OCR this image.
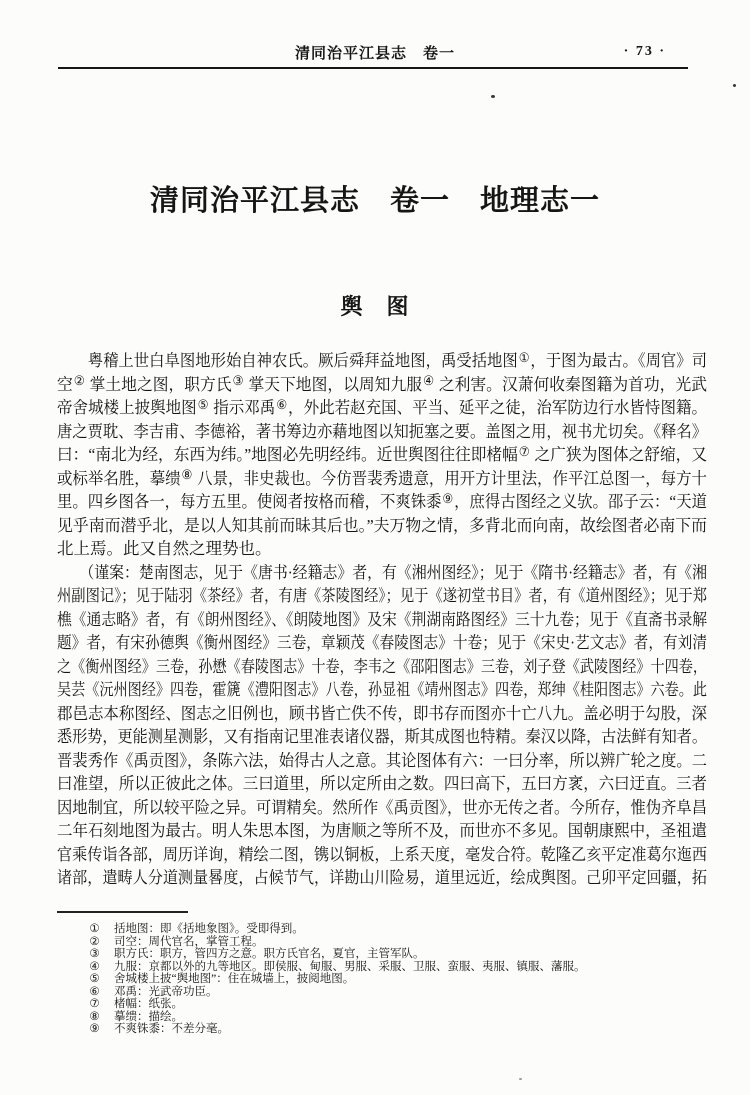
清同治平江县志　卷一	· 73 ·
清同治平江县志　卷一　地理志一
舆　图
　　粤稽上世白阜图地形始自神农氏。厥后舜拜益地图，禹受括地图①，于图为最古。《周官》司
空② 掌土地之图，职方氏③ 掌天下地图，以周知九服④ 之利害。汉萧何收秦图籍为首功，光武
帝舍城楼上披舆地图⑤ 指示邓禹⑥，外此若赵充国、平当、延平之徒，治军防边行水皆恃图籍。
唐之贾耽、李吉甫、李德裕，著书筹边亦藉地图以知扼塞之要。盖图之用，视书尤切矣。《释名》
曰：“南北为经，东西为纬。”地图必先明经纬。近世舆图往往即楮幅⑦ 之广狭为图体之舒缩，又
或标举名胜，摹缋⑧ 八景，非史裁也。今仿晋裴秀遗意，用开方计里法，作平江总图一，每方十
里。四乡图各一，每方五里。使阅者按格而稽，不爽铢黍⑨，庶得古图经之义欤。邵子云：“天道
见乎南而潜乎北，是以人知其前而昧其后也。”夫万物之情，多背北而向南，故绘图者必南下而
北上焉。此又自然之理势也。
　　（谨案：楚南图志，见于《唐书·经籍志》者，有《湘州图经》；见于《隋书·经籍志》者，有《湘
州副图记》；见于陆羽《茶经》者，有唐《茶陵图经》；见于《遂初堂书目》者，有《道州图经》；见于郑
樵《通志略》者，有《朗州图经》、《朗陵地图》及宋《荆湖南路图经》三十九卷；见于《直斋书录解
题》者，有宋孙德舆《衡州图经》三卷，章颖茂《春陵图志》十卷；见于《宋史·艺文志》者，有刘清
之《衡州图经》三卷，孙懋《春陵图志》十卷，李韦之《邵阳图志》三卷，刘子登《武陵图经》十四卷，
吴芸《沅州图经》四卷，霍篪《澧阳图志》八卷，孙显祖《靖州图志》四卷，郑绅《桂阳图志》六卷。此
郡邑志本称图经、图志之旧例也，顾书皆亡佚不传，即书存而图亦十亡八九。盖必明于勾股，深
悉形势，更能测星测影，又有指南记里准表诸仪器，斯其成图也特精。秦汉以降，古法鲜有知者。
晋裴秀作《禹贡图》，条陈六法，始得古人之意。其论图体有六：一曰分率，所以辨广轮之度。二
曰准望，所以正彼此之体。三曰道里，所以定所由之数。四曰高下，五曰方衺，六曰迂直。三者
因地制宜，所以较平险之异。可谓精矣。然所作《禹贡图》，世亦无传之者。今所存，惟伪齐阜昌
二年石刻地图为最古。明人朱思本图，为唐顺之等所不及，而世亦不多见。国朝康熙中，圣祖遣
官乘传诣各部，周历详询，精绘二图，镌以铜板，上系天度，毫发合符。乾隆乙亥平定准葛尔迤西
诸部，遣畴人分道测量晷度，占候节气，详勘山川险易，道里远近，绘成舆图。己卯平定回疆，拓
① 括地图：即《括地象图》。受即得到。
② 司空：周代官名，掌管工程。
③ 职方氏：职方，管四方之意。职方氏官名，夏官，主管军队。
④ 九服：京都以外的九等地区。即侯服、甸服、男服、采服、卫服、蛮服、夷服、镇服、藩服。
⑤ 舍城楼上披“舆地图”：住在城墙上，披阅地图。
⑥ 邓禹：光武帝功臣。
⑦ 楮幅：纸张。
⑧ 摹缋：描绘。
⑨ 不爽铢黍：不差分毫。
